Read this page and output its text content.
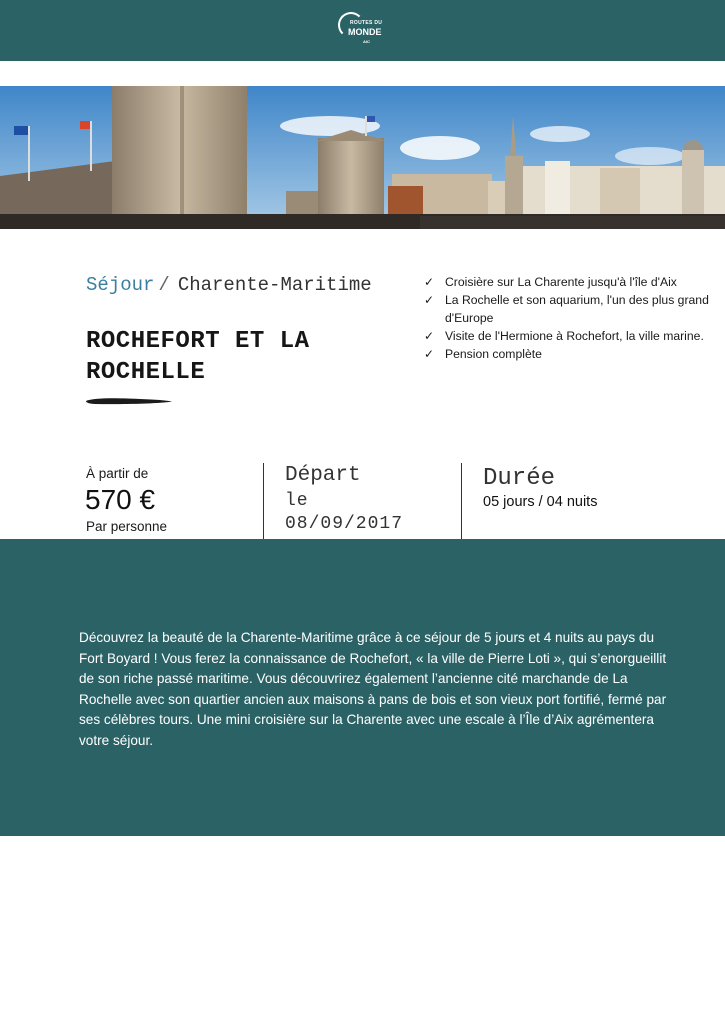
ROUTES DU
MONDE
AIC
Séjour / Charente-Maritime
ROCHEFORT ET LA ROCHELLE
✓ Croisière sur La Charente jusqu'à l'île d'Aix
✓ La Rochelle et son aquarium, l'un des plus grand d'Europe
✓ Visite de l'Hermione à Rochefort, la ville marine.
✓ Pension complète
À partir de
570 €
Par personne
Départ
le 08/09/2017
Durée
05 jours / 04 nuits

Découvrez la beauté de la Charente-Maritime grâce à ce séjour de 5 jours et 4 nuits au pays du Fort Boyard ! Vous ferez la connaissance de Rochefort, « la ville de Pierre Loti », qui s’enorgueillit de son riche passé maritime. Vous découvrirez également l’ancienne cité marchande de La Rochelle avec son quartier ancien aux maisons à pans de bois et son vieux port fortifié, fermé par ses célèbres tours. Une mini croisière sur la Charente avec une escale à l’Île d’Aix agrémentera votre séjour.
